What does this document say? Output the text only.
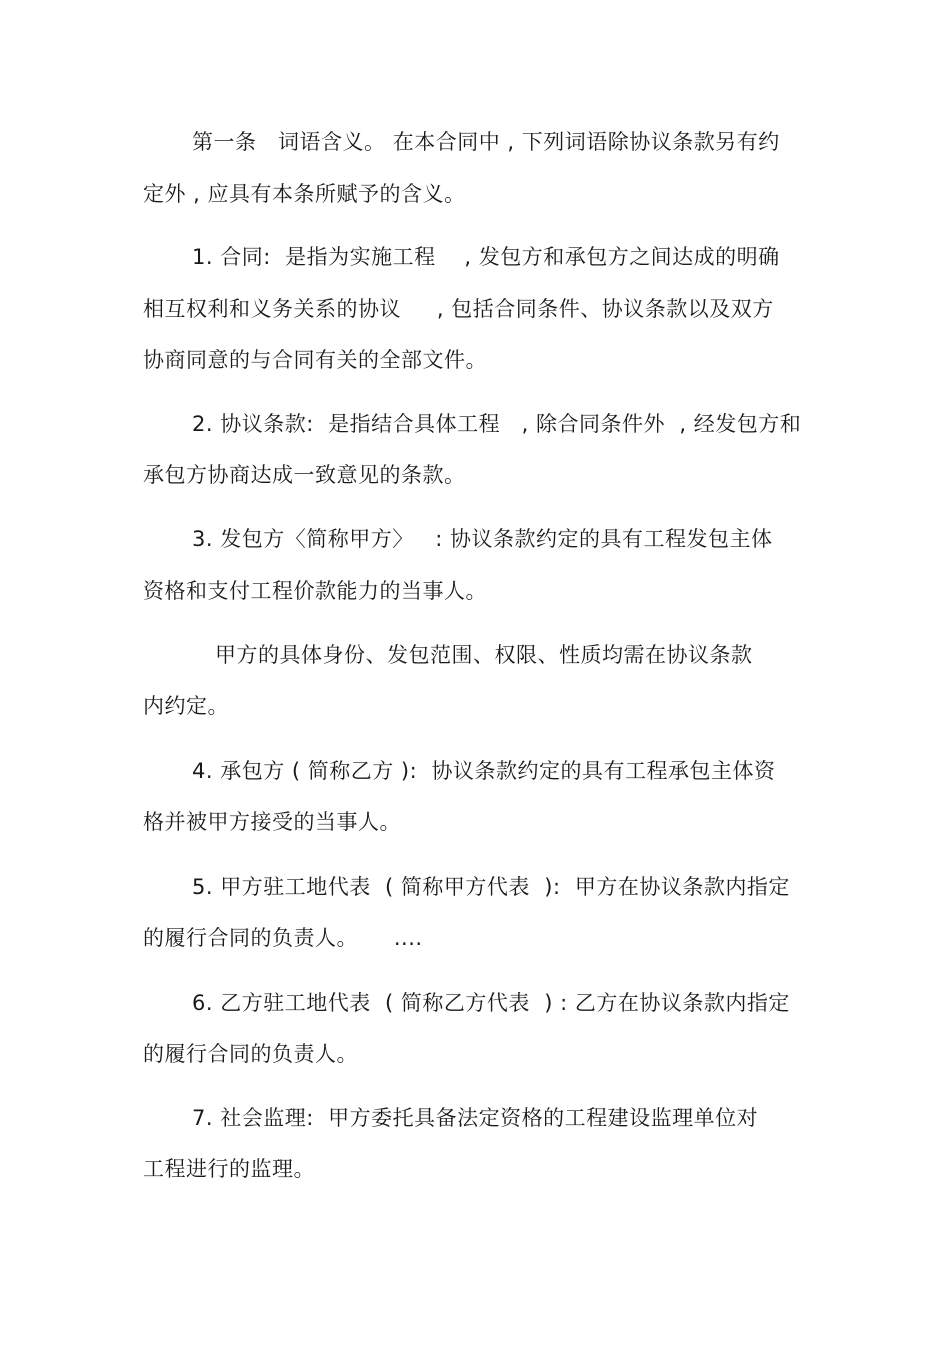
第一条   词语含义。 在本合同中 , 下列词语除协议条款另有约
定外 , 应具有本条所赋予的含义。
1. 合同:  是指为实施工程    , 发包方和承包方之间达成的明确
相互权利和义务关系的协议     , 包括合同条件、协议条款以及双方
协商同意的与合同有关的全部文件。
2. 协议条款:  是指结合具体工程   , 除合同条件外  , 经发包方和
承包方协商达成一致意见的条款。
3. 发包方〈简称甲方〉   : 协议条款约定的具有工程发包主体
资格和支付工程价款能力的当事人。
甲方的具体身份、发包范围、权限、性质均需在协议条款
内约定。
4. 承包方 ( 简称乙方 ):  协议条款约定的具有工程承包主体资
格并被甲方接受的当事人。
5. 甲方驻工地代表  ( 简称甲方代表  ):  甲方在协议条款内指定
的履行合同的负责人。     ....
6. 乙方驻工地代表  ( 简称乙方代表  ) : 乙方在协议条款内指定
的履行合同的负责人。
7. 社会监理:  甲方委托具备法定资格的工程建设监理单位对
工程进行的监理。
